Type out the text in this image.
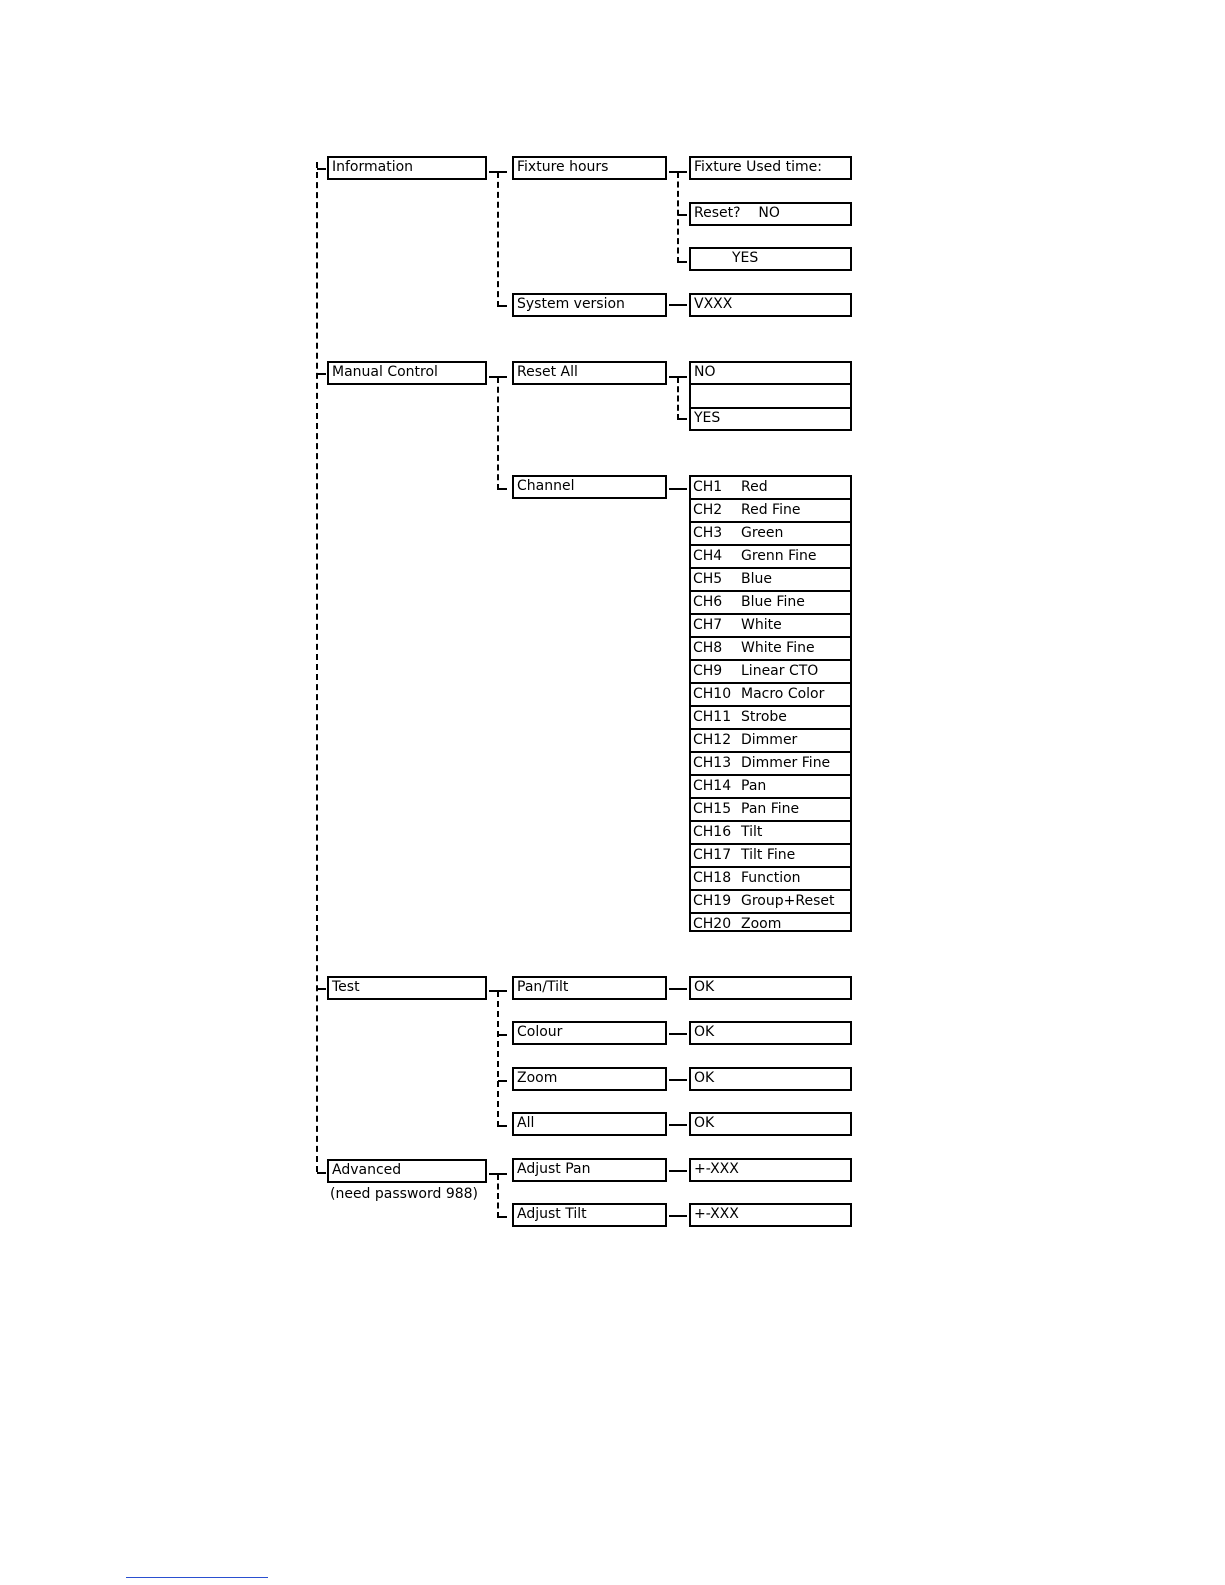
Information
Manual Control
Test
Advanced
(need password 988)
Fixture hours
System version
Fixture Used time:
Reset?    NO
YES
VXXX
Reset All
Channel
NO
YES
CH1 Red
CH2 Red Fine
CH3 Green
CH4 Grenn Fine
CH5 Blue
CH6 Blue Fine
CH7 White
CH8 White Fine
CH9 Linear CTO
CH10 Macro Color
CH11 Strobe
CH12 Dimmer
CH13 Dimmer Fine
CH14 Pan
CH15 Pan Fine
CH16 Tilt
CH17 Tilt Fine
CH18 Function
CH19 Group+Reset
CH20 Zoom
Pan/Tilt
Colour
Zoom
All
OK
OK
OK
OK
Adjust Pan
Adjust Tilt
+-XXX
+-XXX
